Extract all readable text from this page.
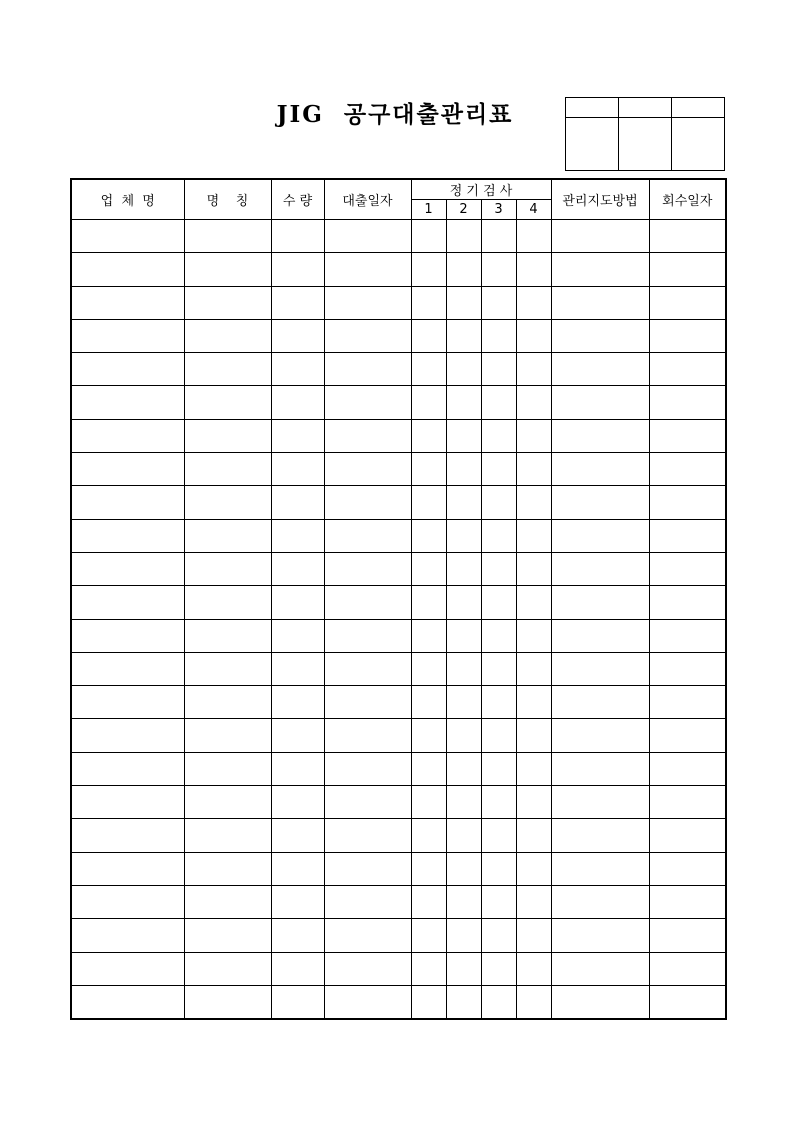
JIG  공구대출관리표

업  체  명	명    칭	수 량	대출일자	정 기 검 사				관리지도방법	회수일자
				1	2	3	4		
